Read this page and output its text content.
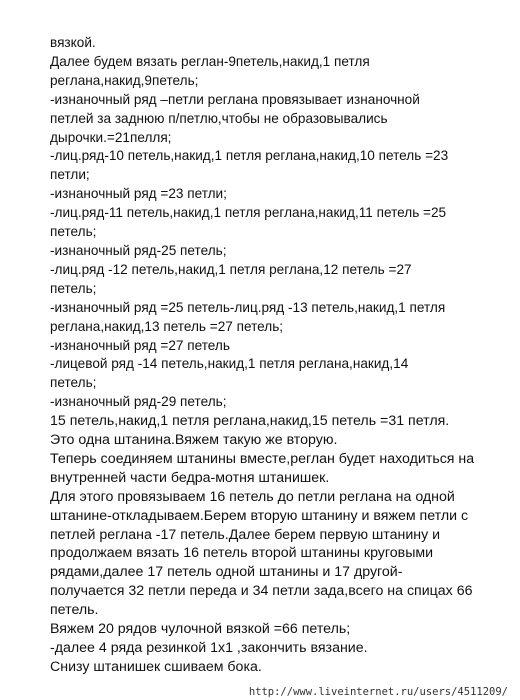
вязкой.
Далее будем вязать реглан-9петель,накид,1 петля
реглана,накид,9петель;
-изнаночный ряд –петли реглана провязывает изнаночной
петлей за заднюю п/петлю,чтобы не образовывались
дырочки.=21пелля;
-лиц.ряд-10 петель,накид,1 петля реглана,накид,10 петель =23
петли;
-изнаночный ряд =23 петли;
-лиц.ряд-11 петель,накид,1 петля реглана,накид,11 петель =25
петель;
-изнаночный ряд-25 петель;
-лиц.ряд -12 петель,накид,1 петля реглана,12 петель =27
петель;
-изнаночный ряд =25 петель-лиц.ряд -13 петель,накид,1 петля
реглана,накид,13 петель =27 петель;
-изнаночный ряд =27 петель
-лицевой ряд -14 петель,накид,1 петля реглана,накид,14
петель;
-изнаночный ряд-29 петель;
15 петель,накид,1 петля реглана,накид,15 петель =31 петля.
Это одна штанина.Вяжем такую же вторую.
Теперь соединяем штанины вместе,реглан будет находиться на
внутренней части бедра-мотня штанишек.
Для этого провязываем 16 петель до петли реглана на одной
штанине-откладываем.Берем вторую штанину и вяжем петли с
петлей реглана -17 петель.Далее берем первую штанину и
продолжаем вязать 16 петель второй штанины круговыми
рядами,далее 17 петель одной штанины и 17 другой-
получается 32 петли переда и 34 петли зада,всего на спицах 66
петель.
Вяжем 20 рядов чулочной вязкой =66 петель;
-далее 4 ряда резинкой 1х1 ,закончить вязание.
Снизу штанишек сшиваем бока.
http://www.liveinternet.ru/users/4511209/
